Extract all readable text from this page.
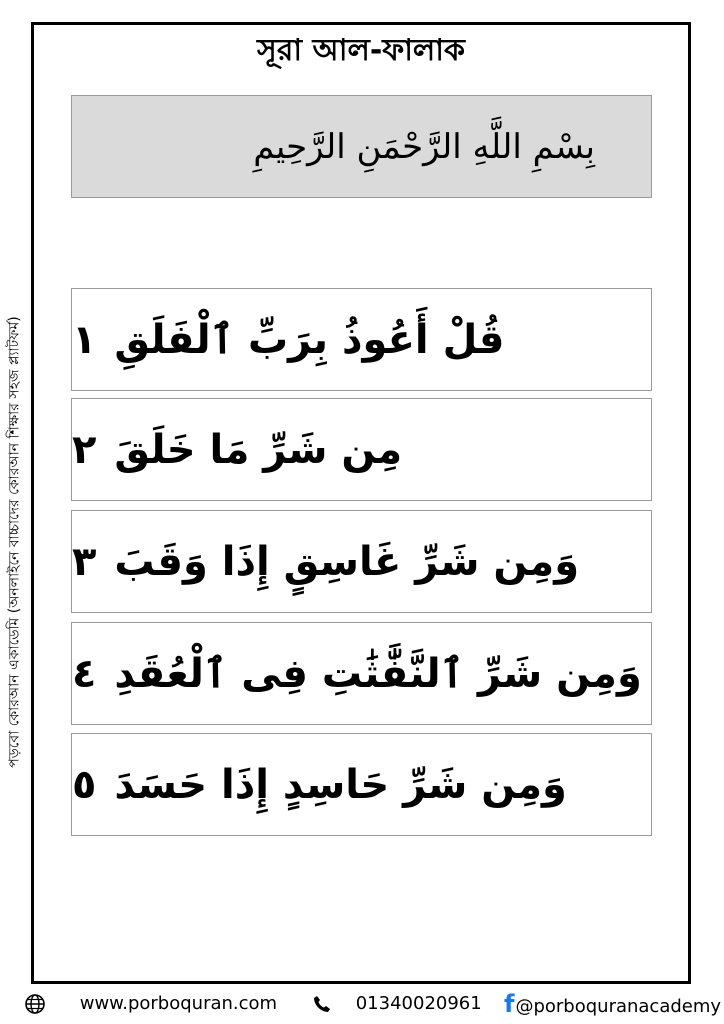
সূরা আল-ফালাক
بِسْمِ اللَّهِ الرَّحْمَنِ الرَّحِيمِ
قُلْ أَعُوذُ بِرَبِّ ٱلْفَلَقِ
١
مِن شَرِّ مَا خَلَقَ
٢
وَمِن شَرِّ غَاسِقٍ إِذَا وَقَبَ
٣
وَمِن شَرِّ ٱلنَّفَّٰثَٰتِ فِى ٱلْعُقَدِ
٤
وَمِن شَرِّ حَاسِدٍ إِذَا حَسَدَ
٥
পড়বো কোরআন একাডেমি (অনলাইনে বাচ্চাদের কোরআন শিক্ষার সহজ প্ল্যাটফর্ম)
www.porboquran.com	01340020961 f@porboquranacademy
